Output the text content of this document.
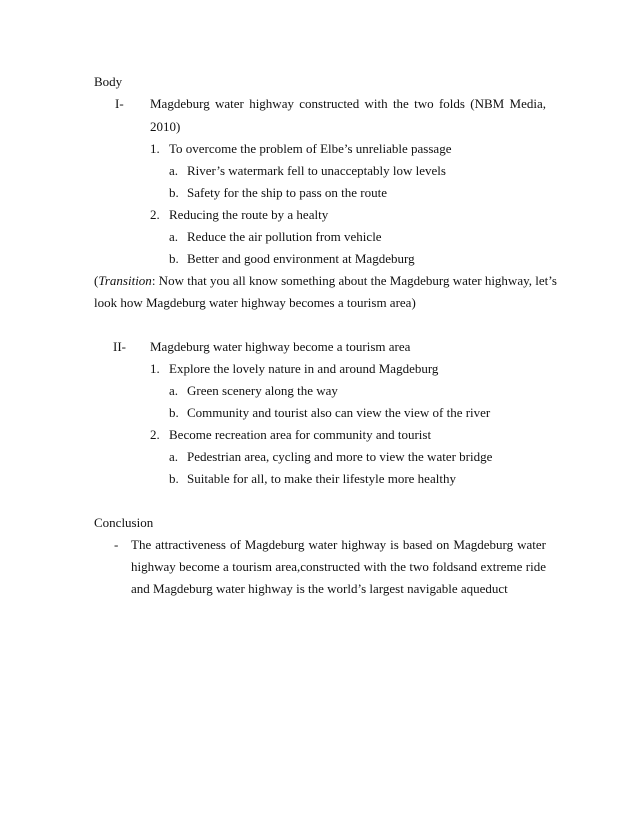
Body
I- Magdeburg water highway constructed with the two folds (NBM Media,
2010)
1. To overcome the problem of Elbe’s unreliable passage
a. River’s watermark fell to unacceptably low levels
b. Safety for the ship to pass on the route
2. Reducing the route by a healty
a. Reduce the air pollution from vehicle
b. Better and good environment at Magdeburg
(Transition: Now that you all know something about the Magdeburg water highway, let’s
look how Magdeburg water highway becomes a tourism area)
II- Magdeburg water highway become a tourism area
1. Explore the lovely nature in and around Magdeburg
a. Green scenery along the way
b. Community and tourist also can view the view of the river
2. Become recreation area for community and tourist
a. Pedestrian area, cycling and more to view the water bridge
b. Suitable for all, to make their lifestyle more healthy
Conclusion
- The attractiveness of Magdeburg water highway is based on Magdeburg water
highway become a tourism area,constructed with the two foldsand extreme ride
and Magdeburg water highway is the world’s largest navigable aqueduct
